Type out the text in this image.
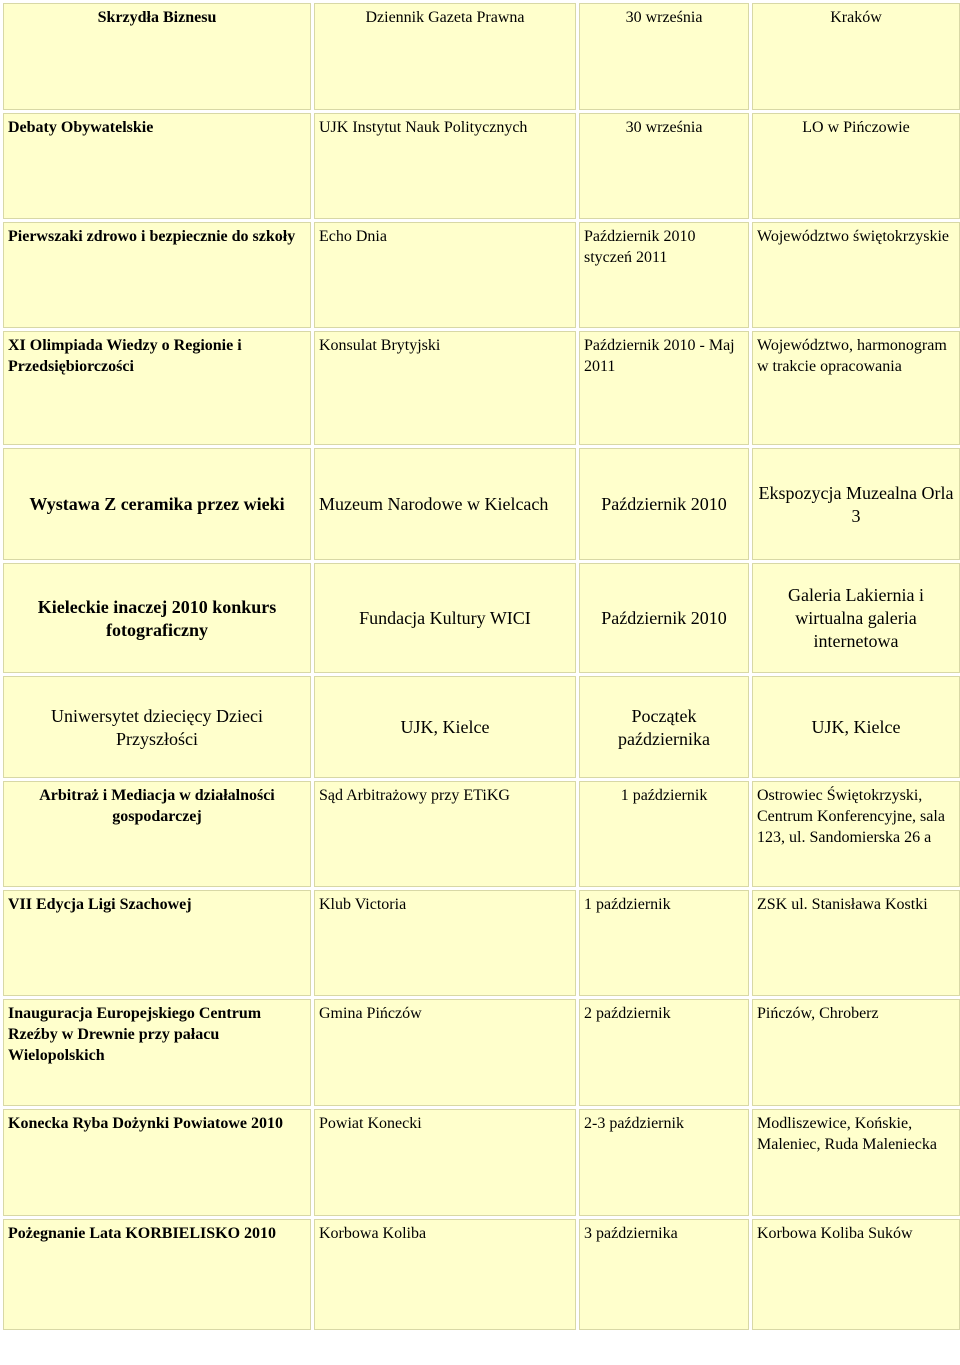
Skrzydła Biznesu	Dziennik Gazeta Prawna	30 września	Kraków
Debaty Obywatelskie	UJK Instytut Nauk Politycznych	30 września	LO w Pińczowie
Pierwszaki zdrowo i bezpiecznie do szkoły	Echo Dnia	Październik 2010 styczeń 2011	Województwo świętokrzyskie
XI Olimpiada Wiedzy o Regionie i Przedsiębiorczości	Konsulat Brytyjski	Październik 2010 - Maj 2011	Województwo, harmonogram w trakcie opracowania
Wystawa Z ceramika przez wieki	Muzeum Narodowe w Kielcach	Październik 2010	Ekspozycja Muzealna Orla 3
Kieleckie inaczej 2010 konkurs fotograficzny	Fundacja Kultury WICI	Październik 2010	Galeria Lakiernia i wirtualna galeria internetowa
Uniwersytet dziecięcy Dzieci Przyszłości	UJK, Kielce	Początek października	UJK, Kielce
Arbitraż i Mediacja w działalności gospodarczej	Sąd Arbitrażowy przy ETiKG	1 październik	Ostrowiec Świętokrzyski, Centrum Konferencyjne, sala 123, ul. Sandomierska 26 a
VII Edycja Ligi Szachowej	Klub Victoria	1 październik	ZSK ul. Stanisława Kostki
Inauguracja Europejskiego Centrum Rzeźby w Drewnie przy pałacu Wielopolskich	Gmina Pińczów	2 październik	Pińczów, Chroberz
Konecka Ryba Dożynki Powiatowe 2010	Powiat Konecki	2-3 październik	Modliszewice, Końskie, Maleniec, Ruda Maleniecka
Pożegnanie Lata KORBIELISKO 2010	Korbowa Koliba	3 października	Korbowa Koliba Suków
